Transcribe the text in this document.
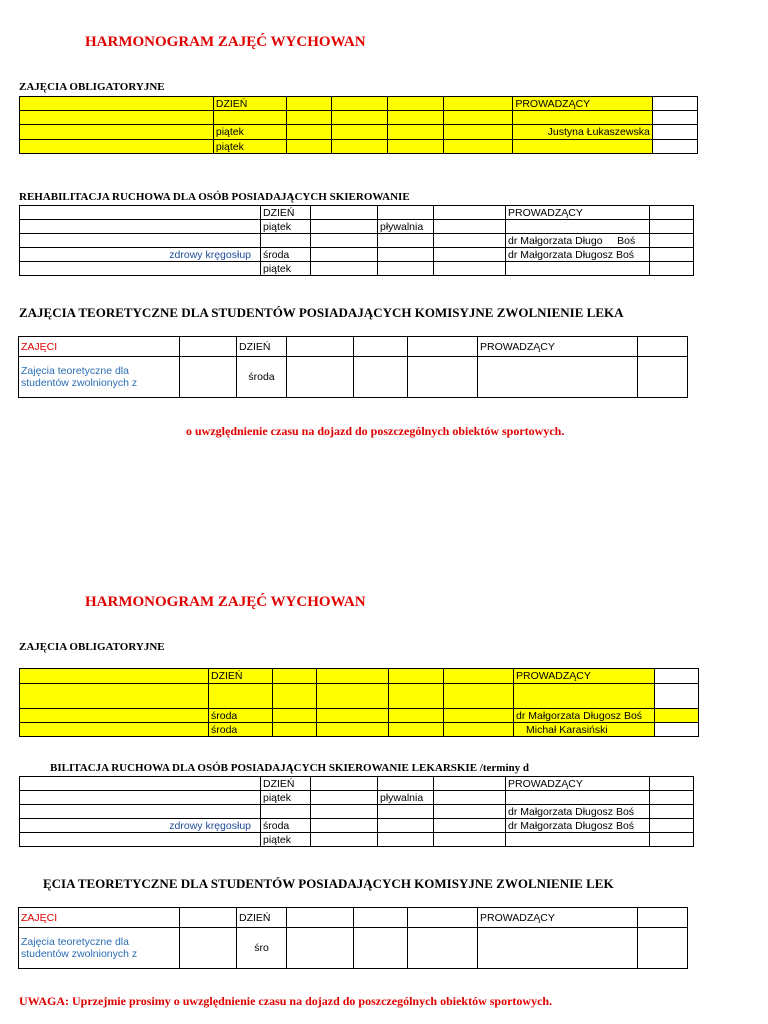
HARMONOGRAM ZAJĘĆ WYCHOWAN
ZAJĘCIA OBLIGATORYJNE
	DZIEŃ					PROWADZĄCY	

	piątek					Justyna Łukaszewska	
	piątek						
REHABILITACJA RUCHOWA DLA OSÓB POSIADAJĄCYCH SKIEROWANIE
	DZIEŃ				PROWADZĄCY	
	piątek		pływalnia			
					dr Małgorzata Długo     Boś	
zdrowy kręgosłup	środa				dr Małgorzata Długosz Boś	
	piątek					
ZAJĘCIA TEORETYCZNE DLA STUDENTÓW POSIADAJĄCYCH KOMISYJNE ZWOLNIENIE LEKA
ZAJĘCI		DZIEŃ				PROWADZĄCY	
Zajęcia teoretyczne dla studentów zwolnionych z		środa					
o uwzględnienie czasu na dojazd do poszczególnych obiektów sportowych.
HARMONOGRAM ZAJĘĆ WYCHOWAN
ZAJĘCIA OBLIGATORYJNE
	DZIEŃ					PROWADZĄCY	

	środa					dr Małgorzata Długosz Boś	
	środa					Michał Karasiński	
BILITACJA RUCHOWA DLA OSÓB POSIADAJĄCYCH SKIEROWANIE LEKARSKIE /terminy d
	DZIEŃ				PROWADZĄCY	
	piątek		pływalnia			
					dr Małgorzata Długosz Boś	
zdrowy kręgosłup	środa				dr Małgorzata Długosz Boś	
	piątek					
ĘCIA TEORETYCZNE DLA STUDENTÓW POSIADAJĄCYCH KOMISYJNE ZWOLNIENIE LEK
ZAJĘCI		DZIEŃ				PROWADZĄCY	
Zajęcia teoretyczne dla studentów zwolnionych z		śro					
UWAGA: Uprzejmie prosimy o uwzględnienie czasu na dojazd do poszczególnych obiektów sportowych.
